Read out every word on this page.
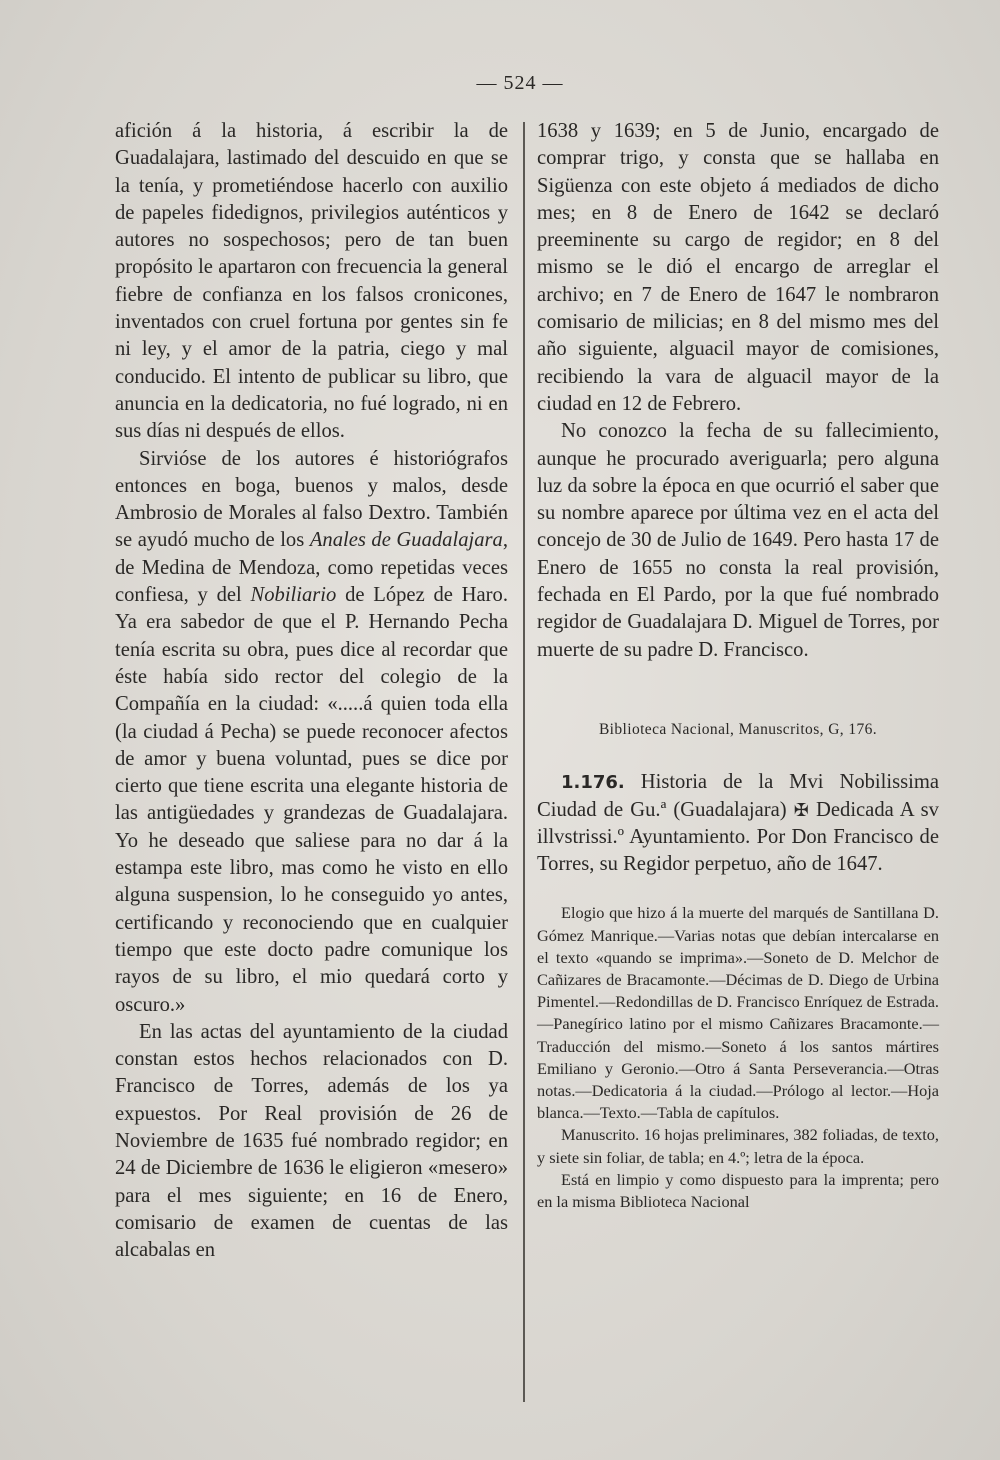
— 524 —

afición á la historia, á escribir la de Guadalajara, lastimado del descuido en que se la tenía, y prometiéndose hacerlo con auxilio de papeles fidedignos, privilegios auténticos y autores no sospechosos; pero de tan buen propósito le apartaron con frecuencia la general fiebre de confianza en los falsos cronicones, inventados con cruel fortuna por gentes sin fe ni ley, y el amor de la patria, ciego y mal conducido. El intento de publicar su libro, que anuncia en la dedicatoria, no fué logrado, ni en sus días ni después de ellos.

Sirvióse de los autores é historiógrafos entonces en boga, buenos y malos, desde Ambrosio de Morales al falso Dextro. También se ayudó mucho de los Anales de Guadalajara, de Medina de Mendoza, como repetidas veces confiesa, y del Nobiliario de López de Haro. Ya era sabedor de que el P. Hernando Pecha tenía escrita su obra, pues dice al recordar que éste había sido rector del colegio de la Compañía en la ciudad: «.....á quien toda ella (la ciudad á Pecha) se puede reconocer afectos de amor y buena voluntad, pues se dice por cierto que tiene escrita una elegante historia de las antigüedades y grandezas de Guadalajara. Yo he deseado que saliese para no dar á la estampa este libro, mas como he visto en ello alguna suspension, lo he conseguido yo antes, certificando y reconociendo que en cualquier tiempo que este docto padre comunique los rayos de su libro, el mio quedará corto y oscuro.»

En las actas del ayuntamiento de la ciudad constan estos hechos relacionados con D. Francisco de Torres, además de los ya expuestos. Por Real provisión de 26 de Noviembre de 1635 fué nombrado regidor; en 24 de Diciembre de 1636 le eligieron «mesero» para el mes siguiente; en 16 de Enero, comisario de examen de cuentas de las alcabalas en

1638 y 1639; en 5 de Junio, encargado de comprar trigo, y consta que se hallaba en Sigüenza con este objeto á mediados de dicho mes; en 8 de Enero de 1642 se declaró preeminente su cargo de regidor; en 8 del mismo se le dió el encargo de arreglar el archivo; en 7 de Enero de 1647 le nombraron comisario de milicias; en 8 del mismo mes del año siguiente, alguacil mayor de comisiones, recibiendo la vara de alguacil mayor de la ciudad en 12 de Febrero.

No conozco la fecha de su fallecimiento, aunque he procurado averiguarla; pero alguna luz da sobre la época en que ocurrió el saber que su nombre aparece por última vez en el acta del concejo de 30 de Julio de 1649. Pero hasta 17 de Enero de 1655 no consta la real provisión, fechada en El Pardo, por la que fué nombrado regidor de Guadalajara D. Miguel de Torres, por muerte de su padre D. Francisco.

Biblioteca Nacional, Manuscritos, G, 176.

1.176. Historia de la Mvi Nobilissima Ciudad de Gu.ª (Guadalajara) ✠ Dedicada A sv illvstrissi.º Ayuntamiento. Por Don Francisco de Torres, su Regidor perpetuo, año de 1647.

Elogio que hizo á la muerte del marqués de Santillana D. Gómez Manrique.—Varias notas que debían intercalarse en el texto «quando se imprima».—Soneto de D. Melchor de Cañizares de Bracamonte.—Décimas de D. Diego de Urbina Pimentel.—Redondillas de D. Francisco Enríquez de Estrada.—Panegírico latino por el mismo Cañizares Bracamonte.—Traducción del mismo.—Soneto á los santos mártires Emiliano y Geronio.—Otro á Santa Perseverancia.—Otras notas.—Dedicatoria á la ciudad.—Prólogo al lector.—Hoja blanca.—Texto.—Tabla de capítulos.

Manuscrito. 16 hojas preliminares, 382 foliadas, de texto, y siete sin foliar, de tabla; en 4.º; letra de la época.

Está en limpio y como dispuesto para la imprenta; pero en la misma Biblioteca Nacional
